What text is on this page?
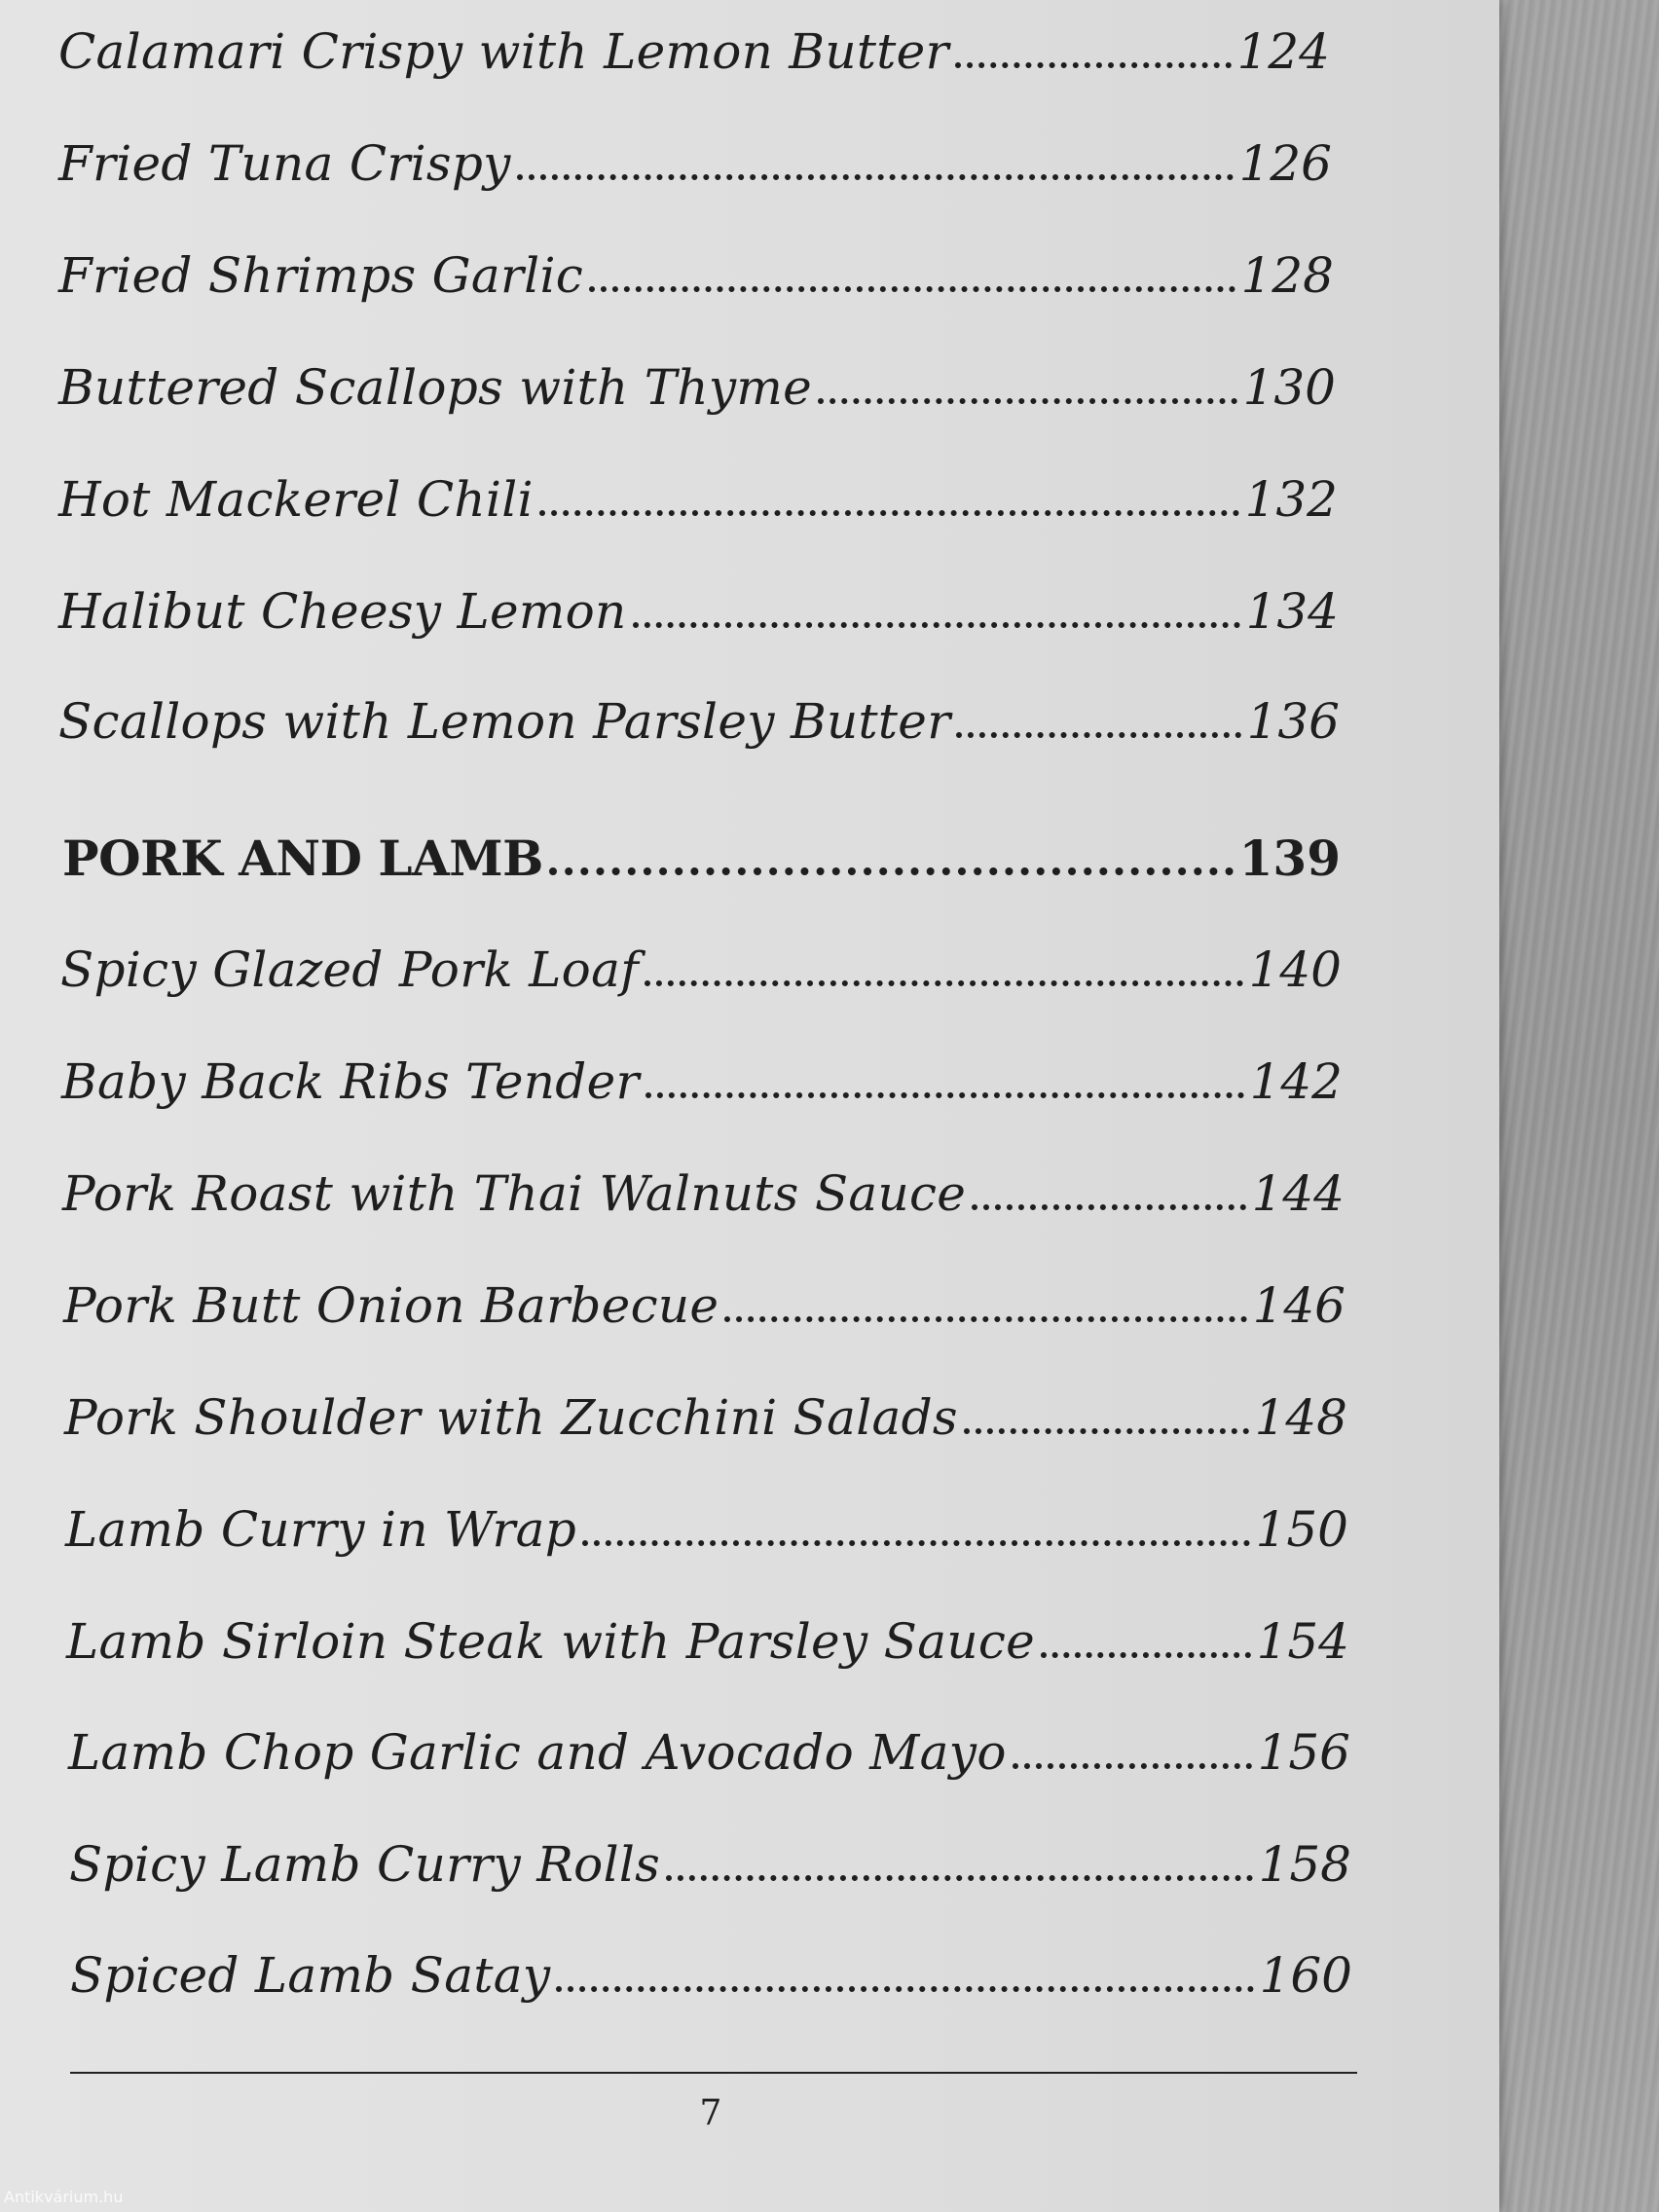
Calamari Crispy with Lemon Butter	124
Fried Tuna Crispy	126
Fried Shrimps Garlic	128
Buttered Scallops with Thyme	130
Hot Mackerel Chili	132
Halibut Cheesy Lemon	134
Scallops with Lemon Parsley Butter	136
PORK AND LAMB	139
Spicy Glazed Pork Loaf	140
Baby Back Ribs Tender	142
Pork Roast with Thai Walnuts Sauce	144
Pork Butt Onion Barbecue	146
Pork Shoulder with Zucchini Salads	148
Lamb Curry in Wrap	150
Lamb Sirloin Steak with Parsley Sauce	154
Lamb Chop Garlic and Avocado Mayo	156
Spicy Lamb Curry Rolls	158
Spiced Lamb Satay	160
7
Antikvárium.hu
